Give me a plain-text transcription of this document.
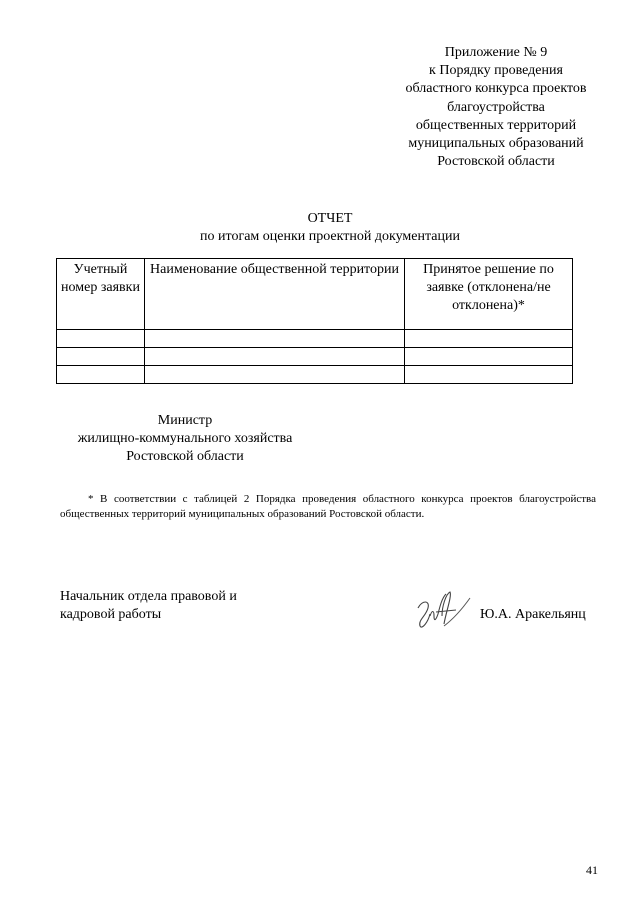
Приложение № 9
к Порядку проведения
областного конкурса проектов
благоустройства
общественных территорий
муниципальных образований
Ростовской области
ОТЧЕТ
по итогам оценки проектной документации
Учетный номер заявки	Наименование общественной территории	Принятое решение по заявке (отклонена/не отклонена)*

Министр
жилищно-коммунального хозяйства
Ростовской области
* В соответствии с таблицей 2 Порядка проведения областного конкурса проектов благоустройства общественных территорий муниципальных образований Ростовской области.
Начальник отдела правовой и
кадровой работы	Ю.А. Аракельянц
41
